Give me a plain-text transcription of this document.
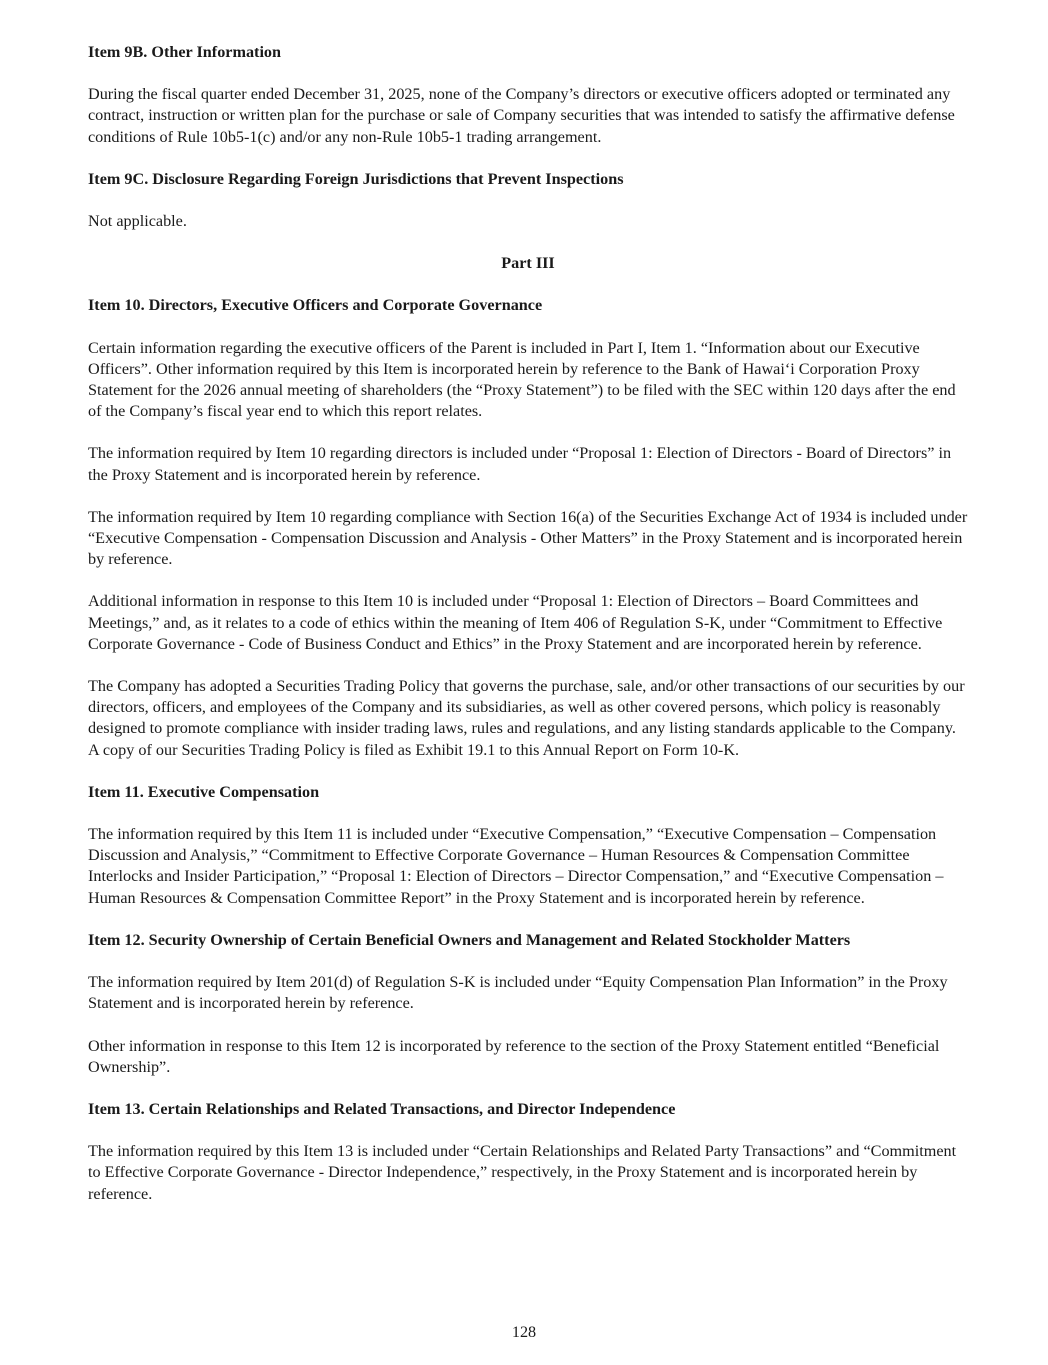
Item 9B. Other Information

During the fiscal quarter ended December 31, 2025, none of the Company’s directors or executive officers adopted or terminated any contract, instruction or written plan for the purchase or sale of Company securities that was intended to satisfy the affirmative defense conditions of Rule 10b5-1(c) and/or any non-Rule 10b5-1 trading arrangement.

Item 9C. Disclosure Regarding Foreign Jurisdictions that Prevent Inspections

Not applicable.

Part III
Item 10. Directors, Executive Officers and Corporate Governance

Certain information regarding the executive officers of the Parent is included in Part I, Item 1. “Information about our Executive Officers”. Other information required by this Item is incorporated herein by reference to the Bank of Hawaiʻi Corporation Proxy Statement for the 2026 annual meeting of shareholders (the “Proxy Statement”) to be filed with the SEC within 120 days after the end of the Company’s fiscal year end to which this report relates.

The information required by Item 10 regarding directors is included under “Proposal 1: Election of Directors - Board of Directors” in the Proxy Statement and is incorporated herein by reference.

The information required by Item 10 regarding compliance with Section 16(a) of the Securities Exchange Act of 1934 is included under “Executive Compensation - Compensation Discussion and Analysis - Other Matters” in the Proxy Statement and is incorporated herein by reference.

Additional information in response to this Item 10 is included under “Proposal 1: Election of Directors – Board Committees and Meetings,” and, as it relates to a code of ethics within the meaning of Item 406 of Regulation S-K, under “Commitment to Effective Corporate Governance - Code of Business Conduct and Ethics” in the Proxy Statement and are incorporated herein by reference.

The Company has adopted a Securities Trading Policy that governs the purchase, sale, and/or other transactions of our securities by our directors, officers, and employees of the Company and its subsidiaries, as well as other covered persons, which policy is reasonably designed to promote compliance with insider trading laws, rules and regulations, and any listing standards applicable to the Company. A copy of our Securities Trading Policy is filed as Exhibit 19.1 to this Annual Report on Form 10-K.

Item 11. Executive Compensation

The information required by this Item 11 is included under “Executive Compensation,” “Executive Compensation – Compensation Discussion and Analysis,” “Commitment to Effective Corporate Governance – Human Resources & Compensation Committee Interlocks and Insider Participation,” “Proposal 1: Election of Directors – Director Compensation,” and “Executive Compensation – Human Resources & Compensation Committee Report” in the Proxy Statement and is incorporated herein by reference.

Item 12. Security Ownership of Certain Beneficial Owners and Management and Related Stockholder Matters

The information required by Item 201(d) of Regulation S-K is included under “Equity Compensation Plan Information” in the Proxy Statement and is incorporated herein by reference.

Other information in response to this Item 12 is incorporated by reference to the section of the Proxy Statement entitled “Beneficial Ownership”.

Item 13. Certain Relationships and Related Transactions, and Director Independence

The information required by this Item 13 is included under “Certain Relationships and Related Party Transactions” and “Commitment to Effective Corporate Governance - Director Independence,” respectively, in the Proxy Statement and is incorporated herein by reference.

128
